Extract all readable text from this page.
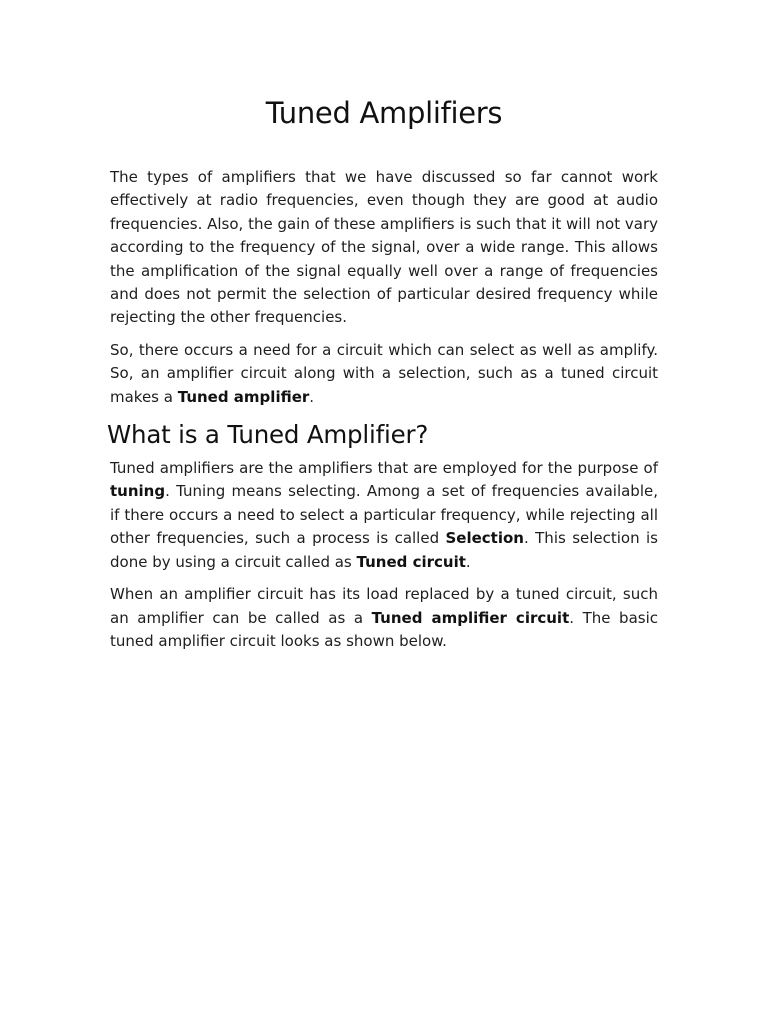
Tuned Amplifiers

The types of amplifiers that we have discussed so far cannot work effectively at radio frequencies, even though they are good at audio frequencies. Also, the gain of these amplifiers is such that it will not vary according to the frequency of the signal, over a wide range. This allows the amplification of the signal equally well over a range of frequencies and does not permit the selection of particular desired frequency while rejecting the other frequencies.

So, there occurs a need for a circuit which can select as well as amplify. So, an amplifier circuit along with a selection, such as a tuned circuit makes a Tuned amplifier.

What is a Tuned Amplifier?

Tuned amplifiers are the amplifiers that are employed for the purpose of tuning. Tuning means selecting. Among a set of frequencies available, if there occurs a need to select a particular frequency, while rejecting all other frequencies, such a process is called Selection. This selection is done by using a circuit called as Tuned circuit.

When an amplifier circuit has its load replaced by a tuned circuit, such an amplifier can be called as a Tuned amplifier circuit. The basic tuned amplifier circuit looks as shown below.
